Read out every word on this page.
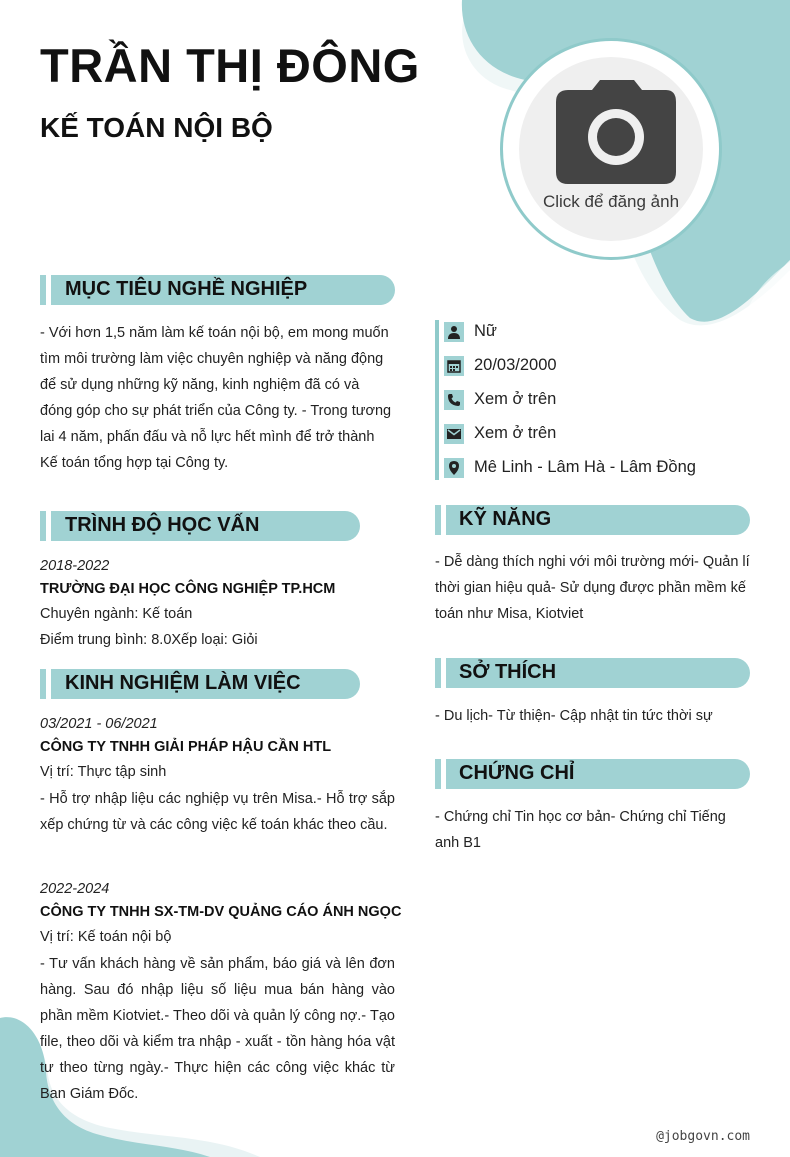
TRẦN THỊ ĐÔNG
KẾ TOÁN NỘI BỘ
Click để đăng ảnh
MỤC TIÊU NGHỀ NGHIỆP

- Với hơn 1,5 năm làm kế toán nội bộ, em mong muốn tìm môi trường làm việc chuyên nghiệp và năng động để sử dụng những kỹ năng, kinh nghiệm đã có và đóng góp cho sự phát triển của Công ty. - Trong tương lai 4 năm, phấn đấu và nỗ lực hết mình để trở thành Kế toán tổng hợp tại Công ty.

TRÌNH ĐỘ HỌC VẤN

2018-2022

TRƯỜNG ĐẠI HỌC CÔNG NGHIỆP TP.HCM

Chuyên ngành: Kế toán

Điểm trung bình: 8.0Xếp loại: Giỏi

KINH NGHIỆM LÀM VIỆC

03/2021 - 06/2021

CÔNG TY TNHH GIẢI PHÁP HẬU CẦN HTL

Vị trí: Thực tập sinh

- Hỗ trợ nhập liệu các nghiệp vụ trên Misa.- Hỗ trợ sắp xếp chứng từ và các công việc kế toán khác theo cầu.

2022-2024

CÔNG TY TNHH SX-TM-DV QUẢNG CÁO ÁNH NGỌC

Vị trí: Kế toán nội bộ

- Tư vấn khách hàng về sản phẩm, báo giá và lên đơn hàng. Sau đó nhập liệu số liệu mua bán hàng vào phần mềm Kiotviet.- Theo dõi và quản lý công nợ.- Tạo file, theo dõi và kiểm tra nhập - xuất - tồn hàng hóa vật tư theo từng ngày.- Thực hiện các công việc khác từ Ban Giám Đốc.

Nữ
20/03/2000
Xem ở trên
Xem ở trên
Mê Linh - Lâm Hà - Lâm Đồng
KỸ NĂNG

- Dễ dàng thích nghi với môi trường mới- Quản lí thời gian hiệu quả- Sử dụng được phần mềm kế toán như Misa, Kiotviet

SỞ THÍCH

- Du lịch- Từ thiện- Cập nhật tin tức thời sự

CHỨNG CHỈ

- Chứng chỉ Tin học cơ bản- Chứng chỉ Tiếng anh B1

@jobgovn.com
